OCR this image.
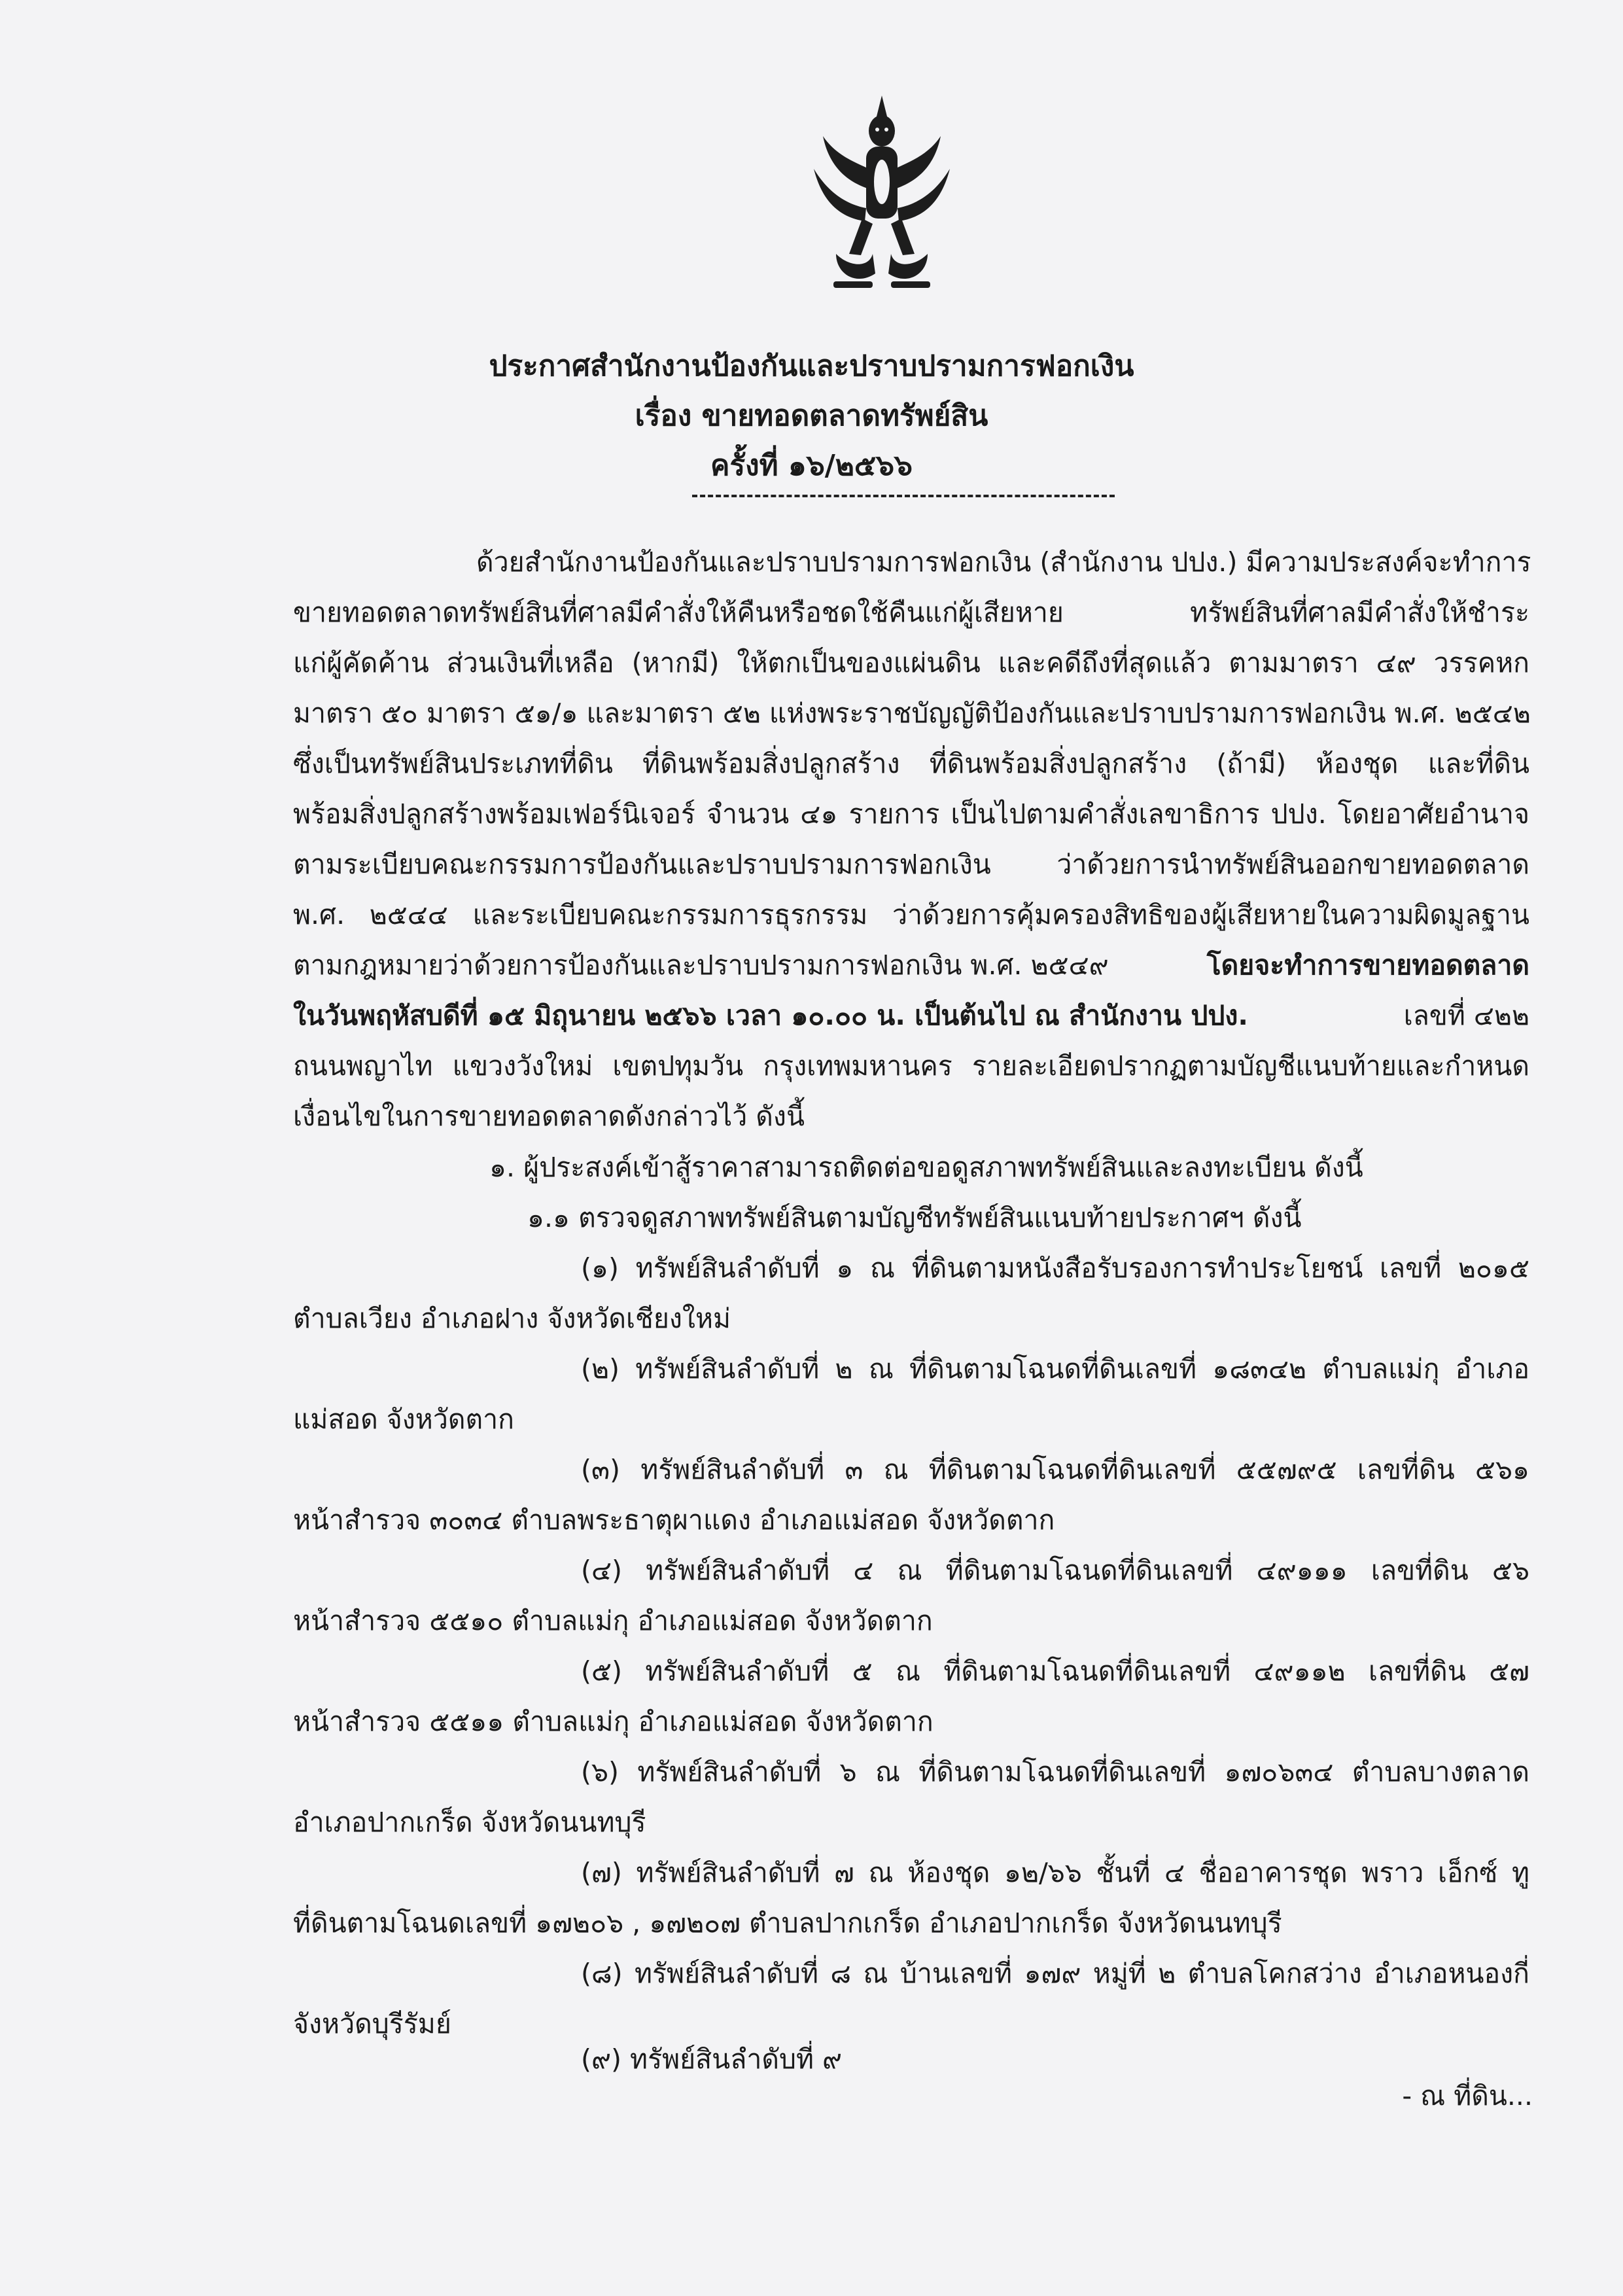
ประกาศสำนักงานป้องกันและปราบปรามการฟอกเงิน
เรื่อง ขายทอดตลาดทรัพย์สิน
ครั้งที่ ๑๖/๒๕๖๖
ด้วยสำนักงานป้องกันและปราบปรามการฟอกเงิน (สำนักงาน ปปง.) มีความประสงค์จะทำการ
ขายทอดตลาดทรัพย์สินที่ศาลมีคำสั่งให้คืนหรือชดใช้คืนแก่ผู้เสียหาย ทรัพย์สินที่ศาลมีคำสั่งให้ชำระ
แก่ผู้คัดค้าน ส่วนเงินที่เหลือ (หากมี) ให้ตกเป็นของแผ่นดิน และคดีถึงที่สุดแล้ว ตามมาตรา ๔๙ วรรคหก
มาตรา ๕๐ มาตรา ๕๑/๑ และมาตรา ๕๒ แห่งพระราชบัญญัติป้องกันและปราบปรามการฟอกเงิน พ.ศ. ๒๕๔๒
ซึ่งเป็นทรัพย์สินประเภทที่ดิน ที่ดินพร้อมสิ่งปลูกสร้าง ที่ดินพร้อมสิ่งปลูกสร้าง (ถ้ามี) ห้องชุด และที่ดิน
พร้อมสิ่งปลูกสร้างพร้อมเฟอร์นิเจอร์ จำนวน ๔๑ รายการ เป็นไปตามคำสั่งเลขาธิการ ปปง. โดยอาศัยอำนาจ
ตามระเบียบคณะกรรมการป้องกันและปราบปรามการฟอกเงิน ว่าด้วยการนำทรัพย์สินออกขายทอดตลาด
พ.ศ. ๒๕๔๔ และระเบียบคณะกรรมการธุรกรรม ว่าด้วยการคุ้มครองสิทธิของผู้เสียหายในความผิดมูลฐาน
ตามกฎหมายว่าด้วยการป้องกันและปราบปรามการฟอกเงิน พ.ศ. ๒๕๔๙	โดยจะทำการขายทอดตลาด
ในวันพฤหัสบดีที่ ๑๕ มิถุนายน ๒๕๖๖ เวลา ๑๐.๐๐ น. เป็นต้นไป ณ สำนักงาน ปปง.	เลขที่ ๔๒๒
ถนนพญาไท แขวงวังใหม่ เขตปทุมวัน กรุงเทพมหานคร รายละเอียดปรากฏตามบัญชีแนบท้ายและกำหนด
เงื่อนไขในการขายทอดตลาดดังกล่าวไว้ ดังนี้
๑. ผู้ประสงค์เข้าสู้ราคาสามารถติดต่อขอดูสภาพทรัพย์สินและลงทะเบียน ดังนี้
๑.๑ ตรวจดูสภาพทรัพย์สินตามบัญชีทรัพย์สินแนบท้ายประกาศฯ ดังนี้
(๑) ทรัพย์สินลำดับที่ ๑ ณ ที่ดินตามหนังสือรับรองการทำประโยชน์ เลขที่ ๒๐๑๕
ตำบลเวียง อำเภอฝาง จังหวัดเชียงใหม่
(๒) ทรัพย์สินลำดับที่ ๒ ณ ที่ดินตามโฉนดที่ดินเลขที่ ๑๘๓๔๒ ตำบลแม่กุ อำเภอ
แม่สอด จังหวัดตาก
(๓) ทรัพย์สินลำดับที่ ๓ ณ ที่ดินตามโฉนดที่ดินเลขที่ ๕๕๗๙๕ เลขที่ดิน ๕๖๑
หน้าสำรวจ ๓๐๓๔ ตำบลพระธาตุผาแดง อำเภอแม่สอด จังหวัดตาก
(๔) ทรัพย์สินลำดับที่ ๔ ณ ที่ดินตามโฉนดที่ดินเลขที่ ๔๙๑๑๑ เลขที่ดิน ๕๖
หน้าสำรวจ ๕๕๑๐ ตำบลแม่กุ อำเภอแม่สอด จังหวัดตาก
(๕) ทรัพย์สินลำดับที่ ๕ ณ ที่ดินตามโฉนดที่ดินเลขที่ ๔๙๑๑๒ เลขที่ดิน ๕๗
หน้าสำรวจ ๕๕๑๑ ตำบลแม่กุ อำเภอแม่สอด จังหวัดตาก
(๖) ทรัพย์สินลำดับที่ ๖ ณ ที่ดินตามโฉนดที่ดินเลขที่ ๑๗๐๖๓๔ ตำบลบางตลาด
อำเภอปากเกร็ด จังหวัดนนทบุรี
(๗) ทรัพย์สินลำดับที่ ๗ ณ ห้องชุด ๑๒/๖๖ ชั้นที่ ๔ ชื่ออาคารชุด พราว เอ็กซ์ ทู
ที่ดินตามโฉนดเลขที่ ๑๗๒๐๖ , ๑๗๒๐๗ ตำบลปากเกร็ด อำเภอปากเกร็ด จังหวัดนนทบุรี
(๘) ทรัพย์สินลำดับที่ ๘ ณ บ้านเลขที่ ๑๗๙ หมู่ที่ ๒ ตำบลโคกสว่าง อำเภอหนองกี่
จังหวัดบุรีรัมย์
(๙) ทรัพย์สินลำดับที่ ๙
- ณ ที่ดิน...
